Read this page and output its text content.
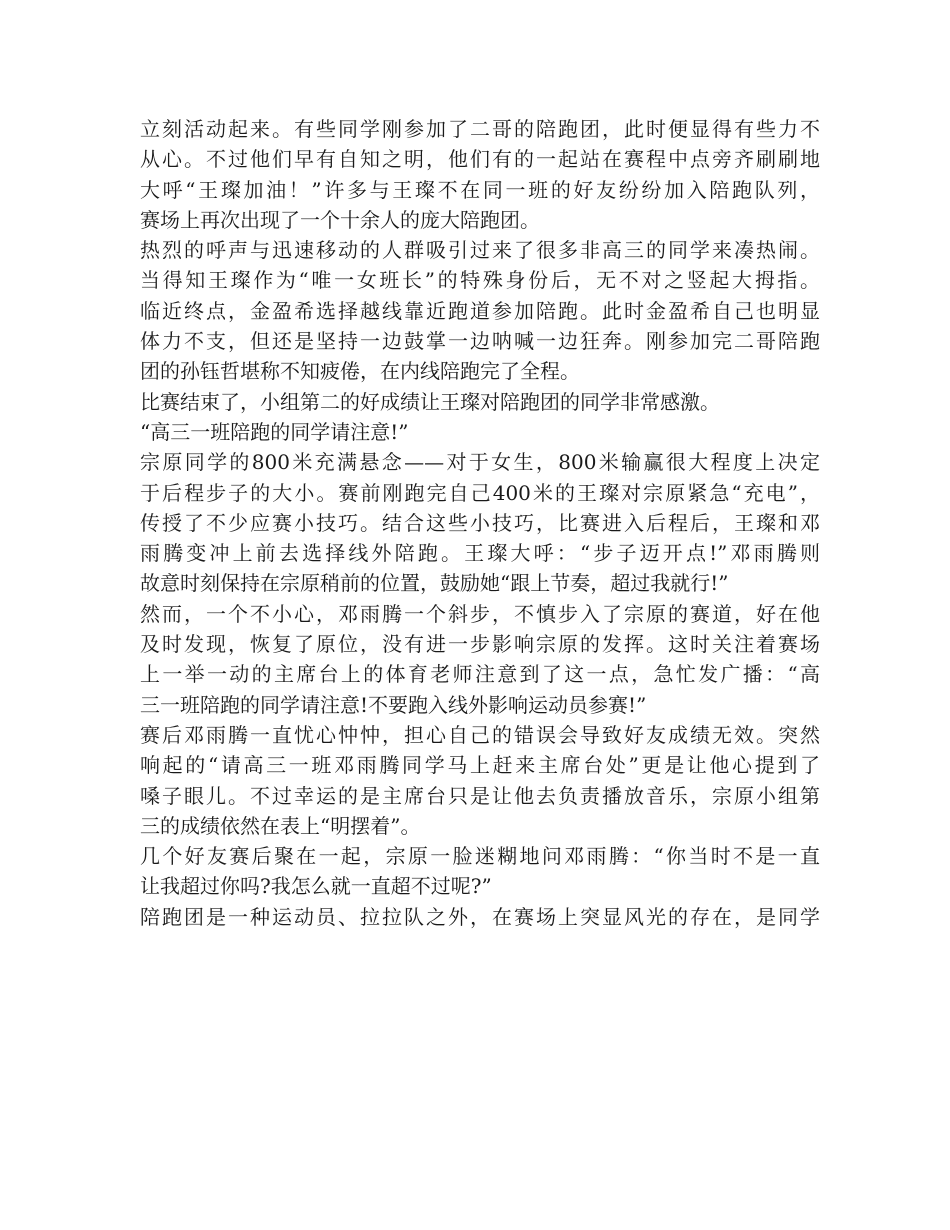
立刻活动起来。有些同学刚参加了二哥的陪跑团，此时便显得有些力不
从心。不过他们早有自知之明，他们有的一起站在赛程中点旁齐刷刷地
大呼“王璨加油！”许多与王璨不在同一班的好友纷纷加入陪跑队列，
赛场上再次出现了一个十余人的庞大陪跑团。
热烈的呼声与迅速移动的人群吸引过来了很多非高三的同学来凑热闹。
当得知王璨作为“唯一女班长”的特殊身份后，无不对之竖起大拇指。
临近终点，金盈希选择越线靠近跑道参加陪跑。此时金盈希自己也明显
体力不支，但还是坚持一边鼓掌一边呐喊一边狂奔。刚参加完二哥陪跑
团的孙钰哲堪称不知疲倦，在内线陪跑完了全程。
比赛结束了，小组第二的好成绩让王璨对陪跑团的同学非常感激。
“高三一班陪跑的同学请注意!”
宗原同学的800米充满悬念——对于女生，800米输赢很大程度上决定
于后程步子的大小。赛前刚跑完自己400米的王璨对宗原紧急“充电”，
传授了不少应赛小技巧。结合这些小技巧，比赛进入后程后，王璨和邓
雨腾变冲上前去选择线外陪跑。王璨大呼：“步子迈开点!”邓雨腾则
故意时刻保持在宗原稍前的位置，鼓励她“跟上节奏，超过我就行!”
然而，一个不小心，邓雨腾一个斜步，不慎步入了宗原的赛道，好在他
及时发现，恢复了原位，没有进一步影响宗原的发挥。这时关注着赛场
上一举一动的主席台上的体育老师注意到了这一点，急忙发广播：“高
三一班陪跑的同学请注意!不要跑入线外影响运动员参赛!”
赛后邓雨腾一直忧心忡忡，担心自己的错误会导致好友成绩无效。突然
响起的“请高三一班邓雨腾同学马上赶来主席台处”更是让他心提到了
嗓子眼儿。不过幸运的是主席台只是让他去负责播放音乐，宗原小组第
三的成绩依然在表上“明摆着”。
几个好友赛后聚在一起，宗原一脸迷糊地问邓雨腾：“你当时不是一直
让我超过你吗?我怎么就一直超不过呢?”
陪跑团是一种运动员、拉拉队之外，在赛场上突显风光的存在，是同学
